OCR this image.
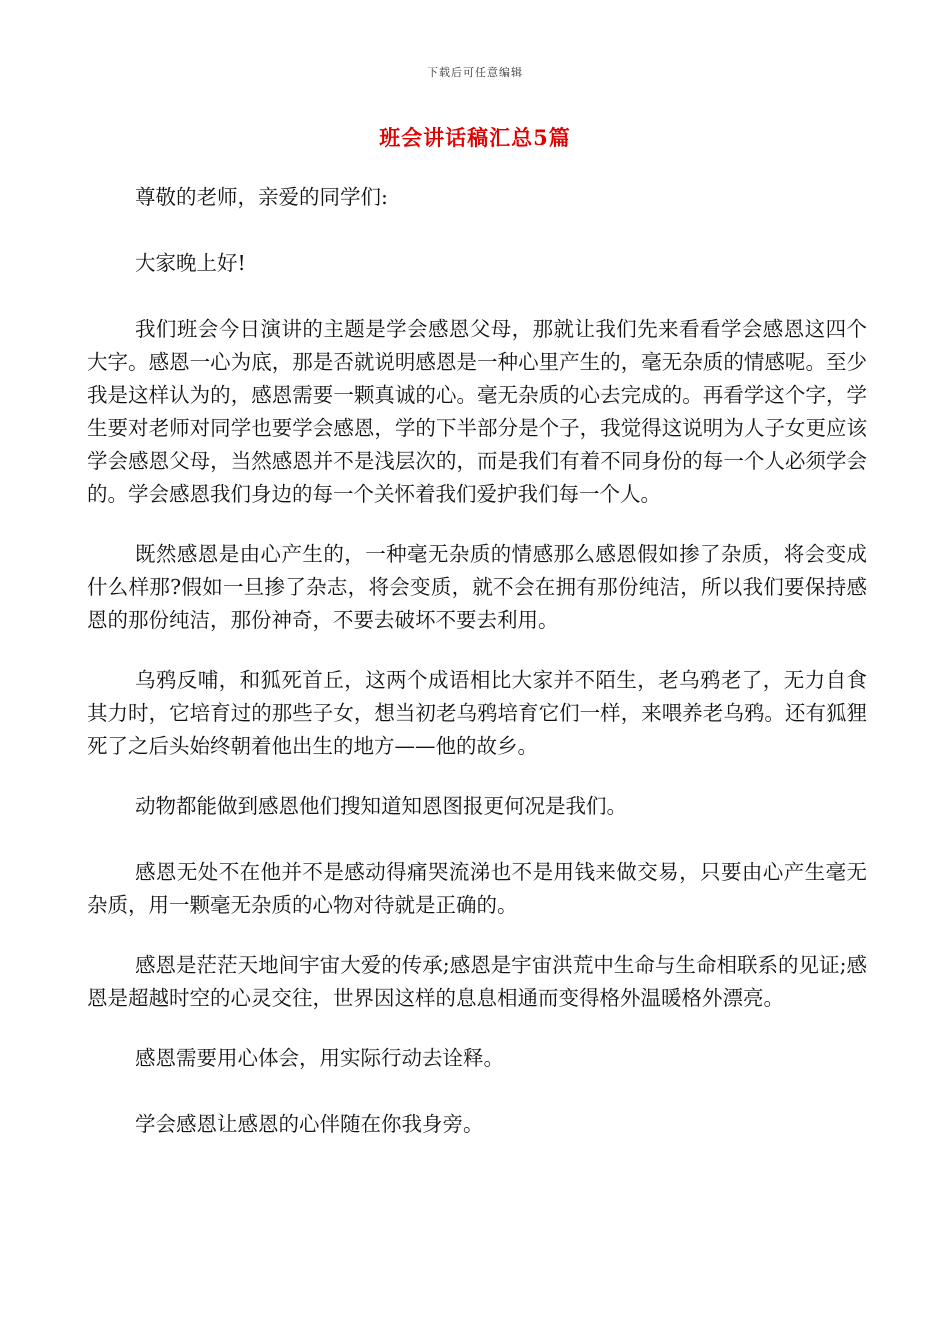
下载后可任意编辑
班会讲话稿汇总5篇

尊敬的老师，亲爱的同学们:

大家晚上好!

我们班会今日演讲的主题是学会感恩父母，那就让我们先来看看学会感恩这四个大字。感恩一心为底，那是否就说明感恩是一种心里产生的，毫无杂质的情感呢。至少我是这样认为的，感恩需要一颗真诚的心。毫无杂质的心去完成的。再看学这个字，学生要对老师对同学也要学会感恩，学的下半部分是个子，我觉得这说明为人子女更应该学会感恩父母，当然感恩并不是浅层次的，而是我们有着不同身份的每一个人必须学会的。学会感恩我们身边的每一个关怀着我们爱护我们每一个人。

既然感恩是由心产生的，一种毫无杂质的情感那么感恩假如掺了杂质，将会变成什么样那?假如一旦掺了杂志，将会变质，就不会在拥有那份纯洁，所以我们要保持感恩的那份纯洁，那份神奇，不要去破坏不要去利用。

乌鸦反哺，和狐死首丘，这两个成语相比大家并不陌生，老乌鸦老了，无力自食其力时，它培育过的那些子女，想当初老乌鸦培育它们一样，来喂养老乌鸦。还有狐狸死了之后头始终朝着他出生的地方——他的故乡。

动物都能做到感恩他们搜知道知恩图报更何况是我们。

感恩无处不在他并不是感动得痛哭流涕也不是用钱来做交易，只要由心产生毫无杂质，用一颗毫无杂质的心物对待就是正确的。

感恩是茫茫天地间宇宙大爱的传承;感恩是宇宙洪荒中生命与生命相联系的见证;感恩是超越时空的心灵交往，世界因这样的息息相通而变得格外温暖格外漂亮。

感恩需要用心体会，用实际行动去诠释。

学会感恩让感恩的心伴随在你我身旁。
